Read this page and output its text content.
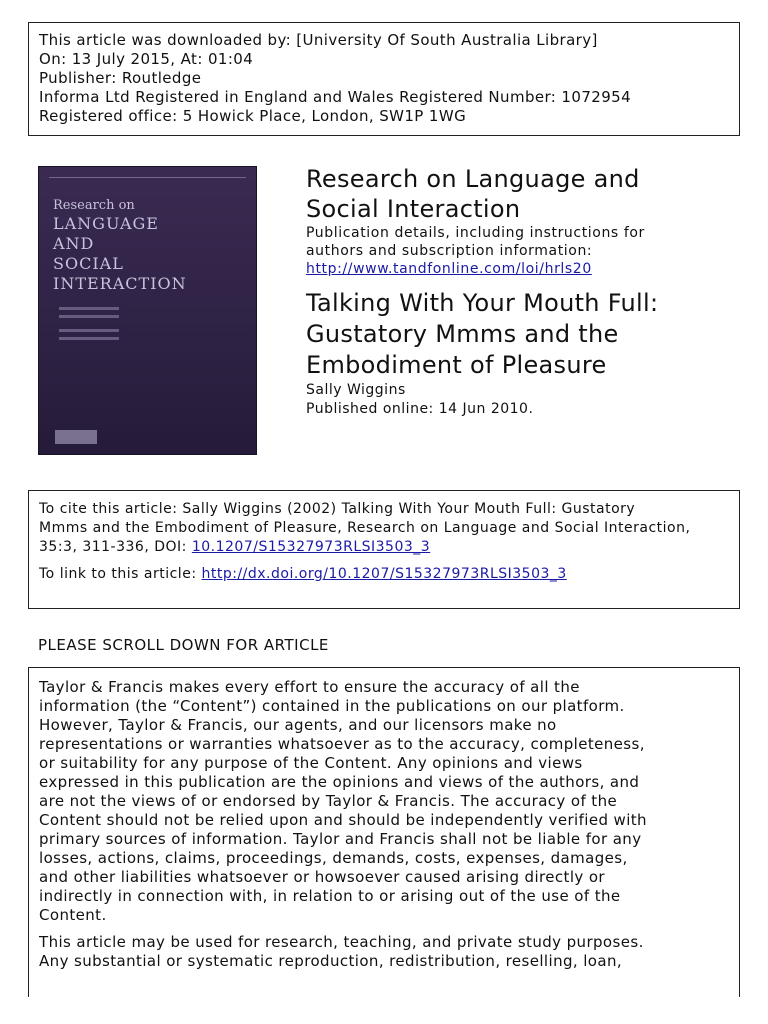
This article was downloaded by: [University Of South Australia Library]
On: 13 July 2015, At: 01:04
Publisher: Routledge
Informa Ltd Registered in England and Wales Registered Number: 1072954
Registered office: 5 Howick Place, London, SW1P 1WG
Research on
LANGUAGE
AND
SOCIAL
INTERACTION
Research on Language and
Social Interaction
Publication details, including instructions for
authors and subscription information:
http://www.tandfonline.com/loi/hrls20
Talking With Your Mouth Full:
Gustatory Mmms and the
Embodiment of Pleasure
Sally Wiggins
Published online: 14 Jun 2010.
To cite this article: Sally Wiggins (2002) Talking With Your Mouth Full: Gustatory
Mmms and the Embodiment of Pleasure, Research on Language and Social Interaction,
35:3, 311-336, DOI: 10.1207/S15327973RLSI3503_3
To link to this article: http://dx.doi.org/10.1207/S15327973RLSI3503_3
PLEASE SCROLL DOWN FOR ARTICLE
Taylor & Francis makes every effort to ensure the accuracy of all the
information (the “Content”) contained in the publications on our platform.
However, Taylor & Francis, our agents, and our licensors make no
representations or warranties whatsoever as to the accuracy, completeness,
or suitability for any purpose of the Content. Any opinions and views
expressed in this publication are the opinions and views of the authors, and
are not the views of or endorsed by Taylor & Francis. The accuracy of the
Content should not be relied upon and should be independently verified with
primary sources of information. Taylor and Francis shall not be liable for any
losses, actions, claims, proceedings, demands, costs, expenses, damages,
and other liabilities whatsoever or howsoever caused arising directly or
indirectly in connection with, in relation to or arising out of the use of the
Content.
This article may be used for research, teaching, and private study purposes.
Any substantial or systematic reproduction, redistribution, reselling, loan,
